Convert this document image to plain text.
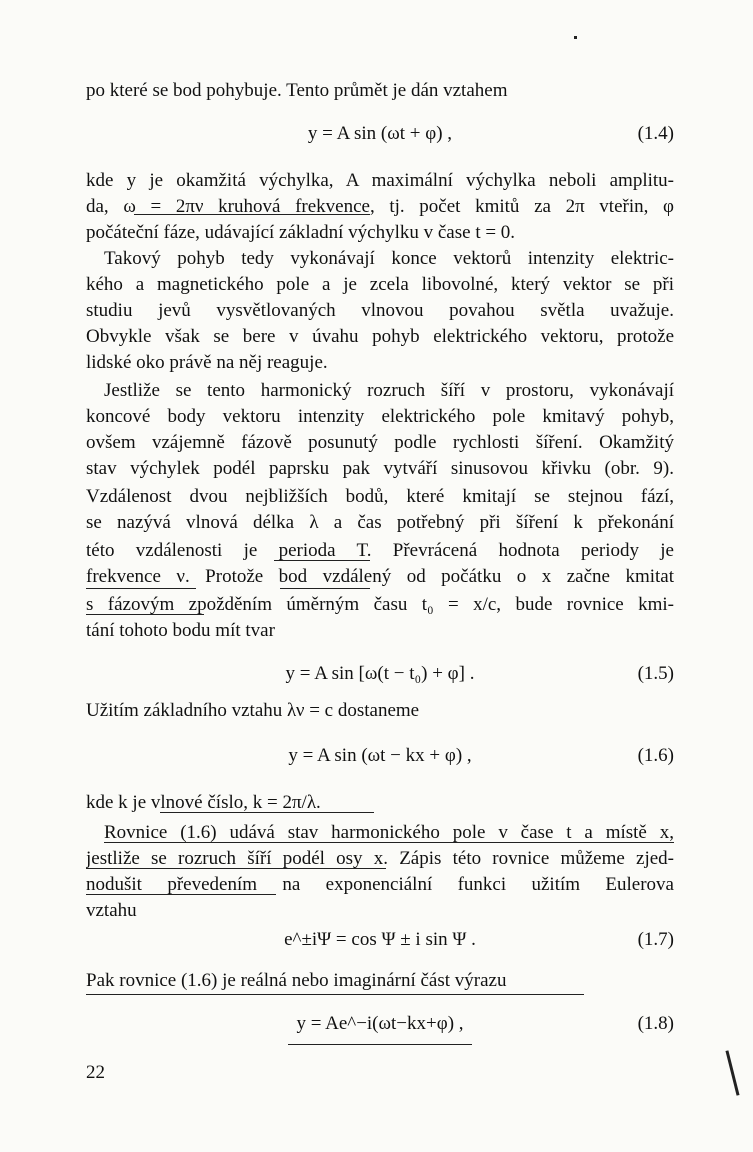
po které se bod pohybuje. Tento průmět je dán vztahem
y = A sin (ωt + φ) ,	(1.4)
kde y je okamžitá výchylka, A maximální výchylka neboli amplitu-
da, ω = 2πν kruhová frekvence, tj. počet kmitů za 2π vteřin, φ
počáteční fáze, udávající základní výchylku v čase t = 0.
Takový pohyb tedy vykonávají konce vektorů intenzity elektric-
kého a magnetického pole a je zcela libovolné, který vektor se při
studiu jevů vysvětlovaných vlnovou povahou světla uvažuje.
Obvykle však se bere v úvahu pohyb elektrického vektoru, protože
lidské oko právě na něj reaguje.
Jestliže se tento harmonický rozruch šíří v prostoru, vykonávají
koncové body vektoru intenzity elektrického pole kmitavý pohyb,
ovšem vzájemně fázově posunutý podle rychlosti šíření. Okamžitý
stav výchylek podél paprsku pak vytváří sinusovou křivku (obr. 9).
Vzdálenost dvou nejbližších bodů, které kmitají se stejnou fází,
se nazývá vlnová délka λ a čas potřebný při šíření k překonání
této vzdálenosti je perioda T. Převrácená hodnota periody je
frekvence ν. Protože bod vzdálený od počátku o x začne kmitat
s fázovým zpožděním úměrným času t₀ = x/c, bude rovnice kmi-
tání tohoto bodu mít tvar
y = A sin [ω(t − t₀) + φ] .	(1.5)
Užitím základního vztahu λν = c dostaneme
y = A sin (ωt − kx + φ) ,	(1.6)
kde k je vlnové číslo, k = 2π/λ.
Rovnice (1.6) udává stav harmonického pole v čase t a místě x,
jestliže se rozruch šíří podél osy x. Zápis této rovnice můžeme zjed-
nodušit převedením na exponenciální funkci užitím Eulerova
vztahu
e^±iΨ = cos Ψ ± i sin Ψ .	(1.7)
Pak rovnice (1.6) je reálná nebo imaginární část výrazu
y = Ae^−i(ωt−kx+φ) ,	(1.8)
22
